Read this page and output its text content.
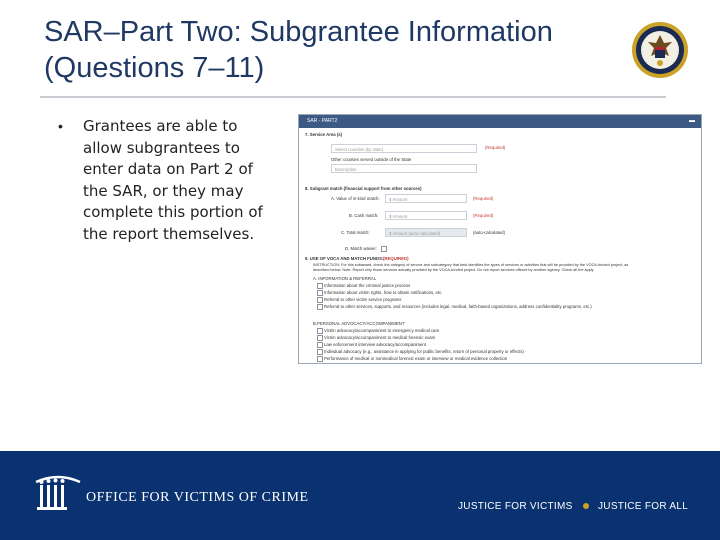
SAR–Part Two: Subgrantee Information
(Questions 7–11)
• Grantees are able to allow subgrantees to enter data on Part 2 of the SAR, or they may complete this portion of the report themselves.
SAR - PART2	▬
7. Service Area (s)
Select counties (by state)	(Required)
Other counties served outside of the State
Description
8. Subgrant match (financial support from other sources)
A. Value of in-kind match:	$ Amount	(Required)
B. Cash match:	$ Amount	(Required)
C. Total match:	$ Amount (auto-calculated)	(auto-calculated)
D. Match waiver:
9. USE OF VOCA AND MATCH FUNDS: (REQUIRED)
INSTRUCTION: For this subaward, check the category of service and subcategory that best identifies the types of services or activities that will be provided by the VOCA-funded project, as
described below. Note: Report only those services actually provided by the VOCA-funded project. Do not report services offered by another agency. Check all the apply.
A. INFORMATION & REFERRAL
Information about the criminal justice process
Information about victim rights, how to obtain notifications, etc.
Referral to other victim service programs
Referral to other services, supports, and resources (includes legal, medical, faith-based organizations, address confidentiality programs, etc.)
B.PERSONAL ADVOCACY/ACCOMPANIMENT
Victim advocacy/accompaniment to emergency medical care
Victim advocacy/accompaniment to medical forensic exam
Law enforcement interview advocacy/accompaniment
Individual advocacy (e.g., assistance in applying for public benefits, return of personal property or effects)
Performance of medical or nonmedical forensic exam or interview or medical evidence collection
OFFICE FOR VICTIMS OF CRIME
JUSTICE FOR VICTIMS	JUSTICE FOR ALL
